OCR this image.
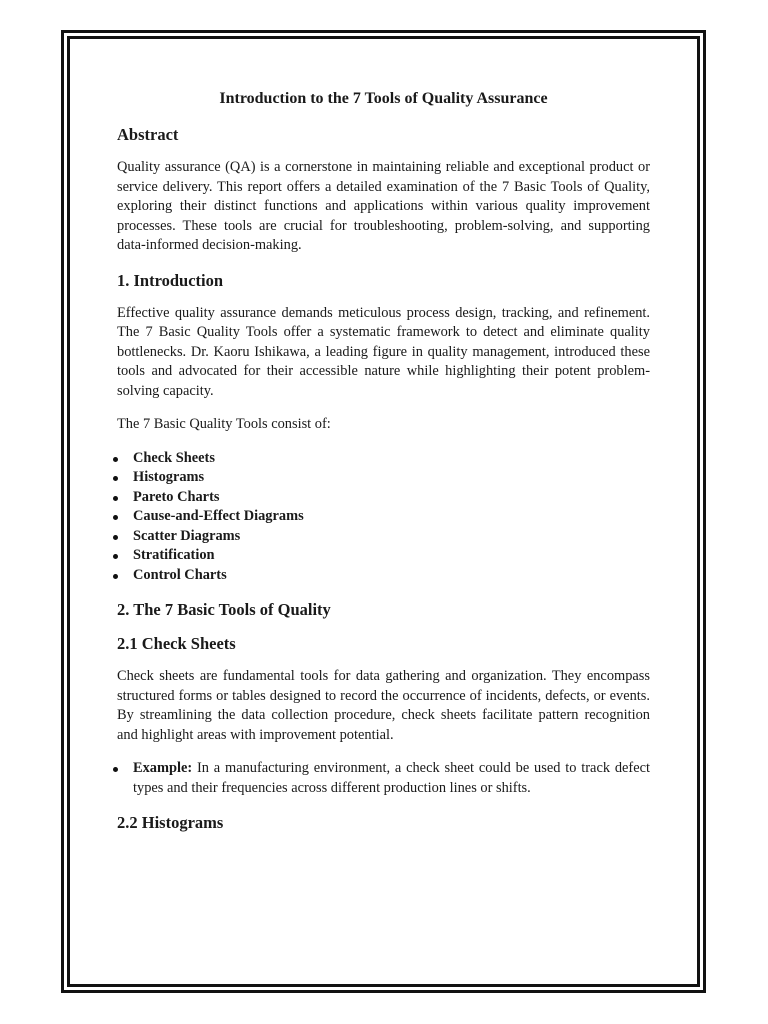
Introduction to the 7 Tools of Quality Assurance
Abstract

Quality assurance (QA) is a cornerstone in maintaining reliable and exceptional product or service delivery. This report offers a detailed examination of the 7 Basic Tools of Quality, exploring their distinct functions and applications within various quality improvement processes. These tools are crucial for troubleshooting, problem-solving, and supporting data-informed decision-making.

1. Introduction

Effective quality assurance demands meticulous process design, tracking, and refinement. The 7 Basic Quality Tools offer a systematic framework to detect and eliminate quality bottlenecks. Dr. Kaoru Ishikawa, a leading figure in quality management, introduced these tools and advocated for their accessible nature while highlighting their potent problem-solving capacity.

The 7 Basic Quality Tools consist of:

Check Sheets
Histograms
Pareto Charts
Cause-and-Effect Diagrams
Scatter Diagrams
Stratification
Control Charts
2. The 7 Basic Tools of Quality
2.1 Check Sheets

Check sheets are fundamental tools for data gathering and organization. They encompass structured forms or tables designed to record the occurrence of incidents, defects, or events. By streamlining the data collection procedure, check sheets facilitate pattern recognition and highlight areas with improvement potential.

Example: In a manufacturing environment, a check sheet could be used to track defect types and their frequencies across different production lines or shifts.
2.2 Histograms
